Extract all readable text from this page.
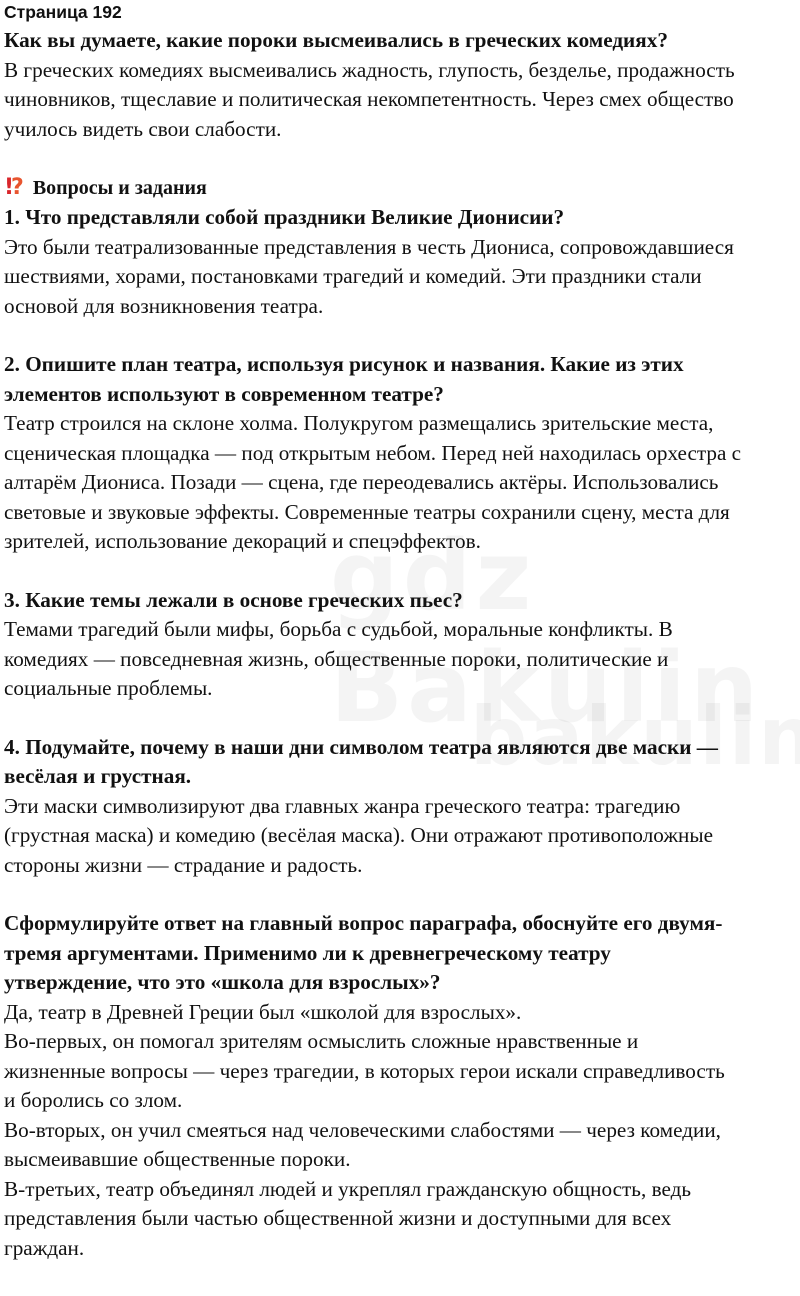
Страница 192

Как вы думаете, какие пороки высмеивались в греческих комедиях?

В греческих комедиях высмеивались жадность, глупость, безделье, продажность
чиновников, тщеславие и политическая некомпетентность. Через смех общество
училось видеть свои слабости.

!? Вопросы и задания

1. Что представляли собой праздники Великие Дионисии?

Это были театрализованные представления в честь Диониса, сопровождавшиеся
шествиями, хорами, постановками трагедий и комедий. Эти праздники стали
основой для возникновения театра.

2. Опишите план театра, используя рисунок и названия. Какие из этих
элементов используют в современном театре?

Театр строился на склоне холма. Полукругом размещались зрительские места,
сценическая площадка — под открытым небом. Перед ней находилась орхестра с
алтарём Диониса. Позади — сцена, где переодевались актёры. Использовались
световые и звуковые эффекты. Современные театры сохранили сцену, места для
зрителей, использование декораций и спецэффектов.

3. Какие темы лежали в основе греческих пьес?

Темами трагедий были мифы, борьба с судьбой, моральные конфликты. В
комедиях — повседневная жизнь, общественные пороки, политические и
социальные проблемы.

4. Подумайте, почему в наши дни символом театра являются две маски —
весёлая и грустная.

Эти маски символизируют два главных жанра греческого театра: трагедию
(грустная маска) и комедию (весёлая маска). Они отражают противоположные
стороны жизни — страдание и радость.

Сформулируйте ответ на главный вопрос параграфа, обоснуйте его двумя-
тремя аргументами. Применимо ли к древнегреческому театру
утверждение, что это «школа для взрослых»?

Да, театр в Древней Греции был «школой для взрослых».
Во-первых, он помогал зрителям осмыслить сложные нравственные и
жизненные вопросы — через трагедии, в которых герои искали справедливость
и боролись со злом.
Во-вторых, он учил смеяться над человеческими слабостями — через комедии,
высмеивавшие общественные пороки.
В-третьих, театр объединял людей и укреплял гражданскую общность, ведь
представления были частью общественной жизни и доступными для всех
граждан.
